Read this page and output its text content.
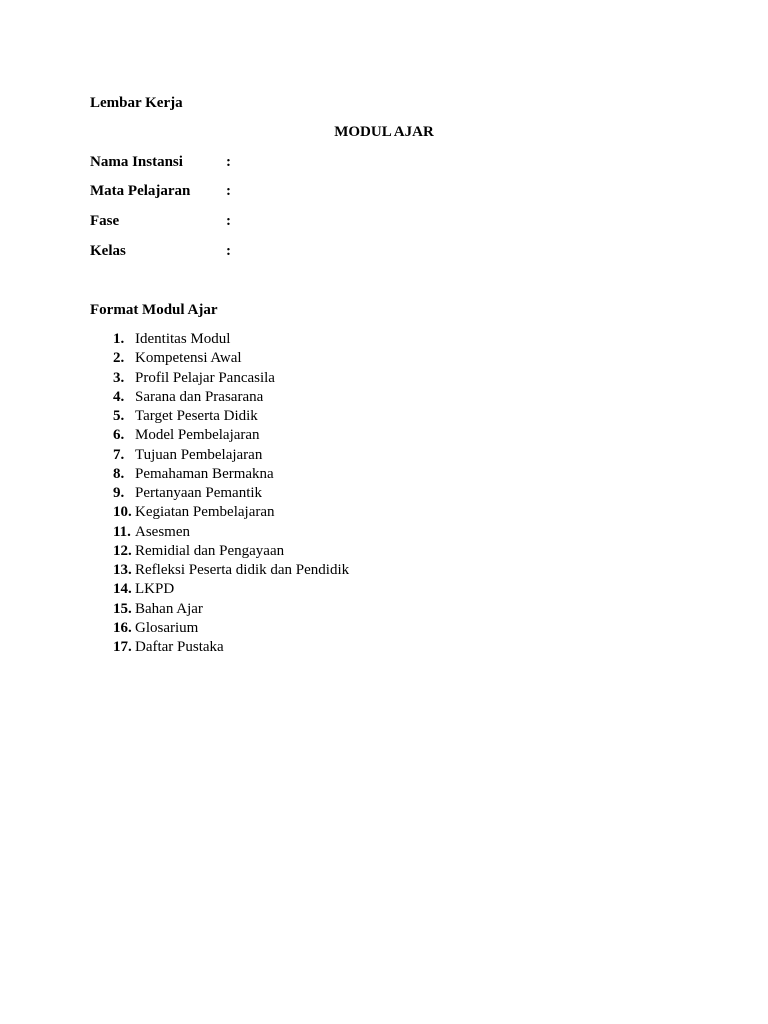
Lembar Kerja
MODUL AJAR
Nama Instansi	:
Mata Pelajaran :
Fase	:
Kelas	:
Format Modul Ajar
1. Identitas Modul
2. Kompetensi Awal
3. Profil Pelajar Pancasila
4. Sarana dan Prasarana
5. Target Peserta Didik
6. Model Pembelajaran
7. Tujuan Pembelajaran
8. Pemahaman Bermakna
9. Pertanyaan Pemantik
10. Kegiatan Pembelajaran
11. Asesmen
12. Remidial dan Pengayaan
13. Refleksi Peserta didik dan Pendidik
14. LKPD
15. Bahan Ajar
16. Glosarium
17. Daftar Pustaka
